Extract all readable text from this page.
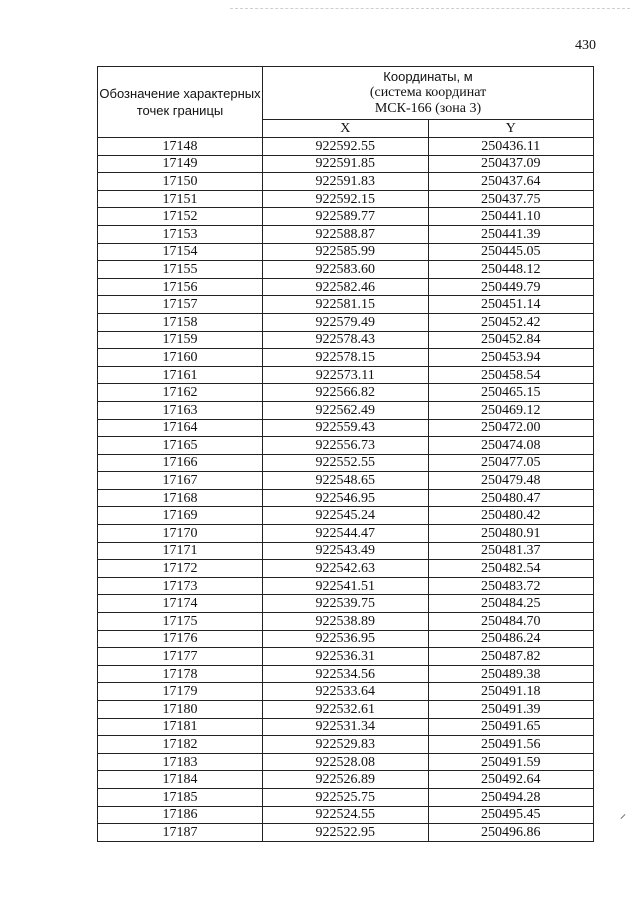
430
Обозначение характерных точек границы	Координаты, м
(система координат
МСК-166 (зона 3)	

	X	Y
17148	922592.55	250436.11
17149	922591.85	250437.09
17150	922591.83	250437.64
17151	922592.15	250437.75
17152	922589.77	250441.10
17153	922588.87	250441.39
17154	922585.99	250445.05
17155	922583.60	250448.12
17156	922582.46	250449.79
17157	922581.15	250451.14
17158	922579.49	250452.42
17159	922578.43	250452.84
17160	922578.15	250453.94
17161	922573.11	250458.54
17162	922566.82	250465.15
17163	922562.49	250469.12
17164	922559.43	250472.00
17165	922556.73	250474.08
17166	922552.55	250477.05
17167	922548.65	250479.48
17168	922546.95	250480.47
17169	922545.24	250480.42
17170	922544.47	250480.91
17171	922543.49	250481.37
17172	922542.63	250482.54
17173	922541.51	250483.72
17174	922539.75	250484.25
17175	922538.89	250484.70
17176	922536.95	250486.24
17177	922536.31	250487.82
17178	922534.56	250489.38
17179	922533.64	250491.18
17180	922532.61	250491.39
17181	922531.34	250491.65
17182	922529.83	250491.56
17183	922528.08	250491.59
17184	922526.89	250492.64
17185	922525.75	250494.28
17186	922524.55	250495.45
17187	922522.95	250496.86
